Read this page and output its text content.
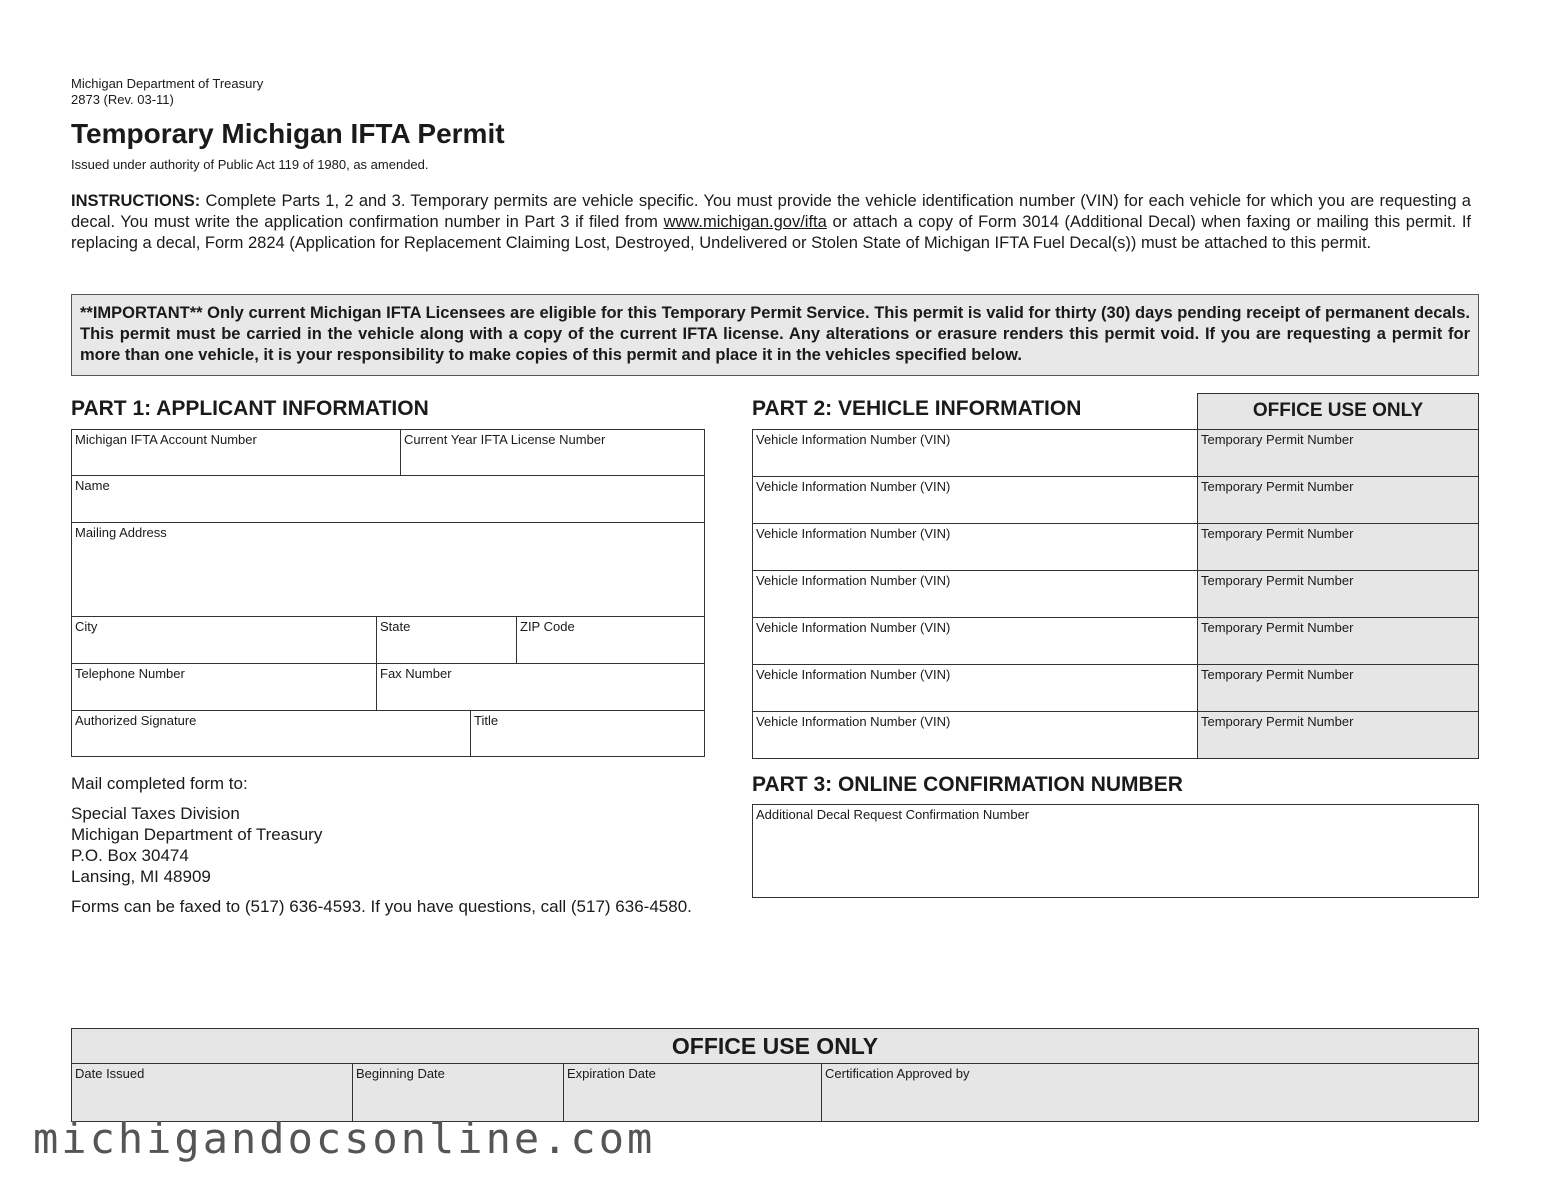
Michigan Department of Treasury
2873 (Rev. 03-11)
Temporary Michigan IFTA Permit
Issued under authority of Public Act 119 of 1980, as amended.
INSTRUCTIONS: Complete Parts 1, 2 and 3. Temporary permits are vehicle specific. You must provide the vehicle identification number (VIN) for each vehicle for which you are requesting a decal. You must write the application confirmation number in Part 3 if filed from www.michigan.gov/ifta or attach a copy of Form 3014 (Additional Decal) when faxing or mailing this permit. If replacing a decal, Form 2824 (Application for Replacement Claiming Lost, Destroyed, Undelivered or Stolen State of Michigan IFTA Fuel Decal(s)) must be attached to this permit.
**IMPORTANT** Only current Michigan IFTA Licensees are eligible for this Temporary Permit Service. This permit is valid for thirty (30) days pending receipt of permanent decals. This permit must be carried in the vehicle along with a copy of the current IFTA license. Any alterations or erasure renders this permit void. If you are requesting a permit for more than one vehicle, it is your responsibility to make copies of this permit and place it in the vehicles specified below.
PART 1: APPLICANT INFORMATION
Michigan IFTA Account Number	Current Year IFTA License Number
Name
Mailing Address
City	State	ZIP Code
Telephone Number	Fax Number
Authorized Signature	Title
Mail completed form to:
Special Taxes Division
Michigan Department of Treasury
P.O. Box 30474
Lansing, MI 48909
Forms can be faxed to (517) 636-4593. If you have questions, call (517) 636-4580.
PART 2: VEHICLE INFORMATION	OFFICE USE ONLY
Vehicle Information Number (VIN)	Temporary Permit Number
Vehicle Information Number (VIN)	Temporary Permit Number
Vehicle Information Number (VIN)	Temporary Permit Number
Vehicle Information Number (VIN)	Temporary Permit Number
Vehicle Information Number (VIN)	Temporary Permit Number
Vehicle Information Number (VIN)	Temporary Permit Number
Vehicle Information Number (VIN)	Temporary Permit Number
PART 3: ONLINE CONFIRMATION NUMBER
Additional Decal Request Confirmation Number
OFFICE USE ONLY
Date Issued	Beginning Date	Expiration Date	Certification Approved by
michigandocsonline.com
